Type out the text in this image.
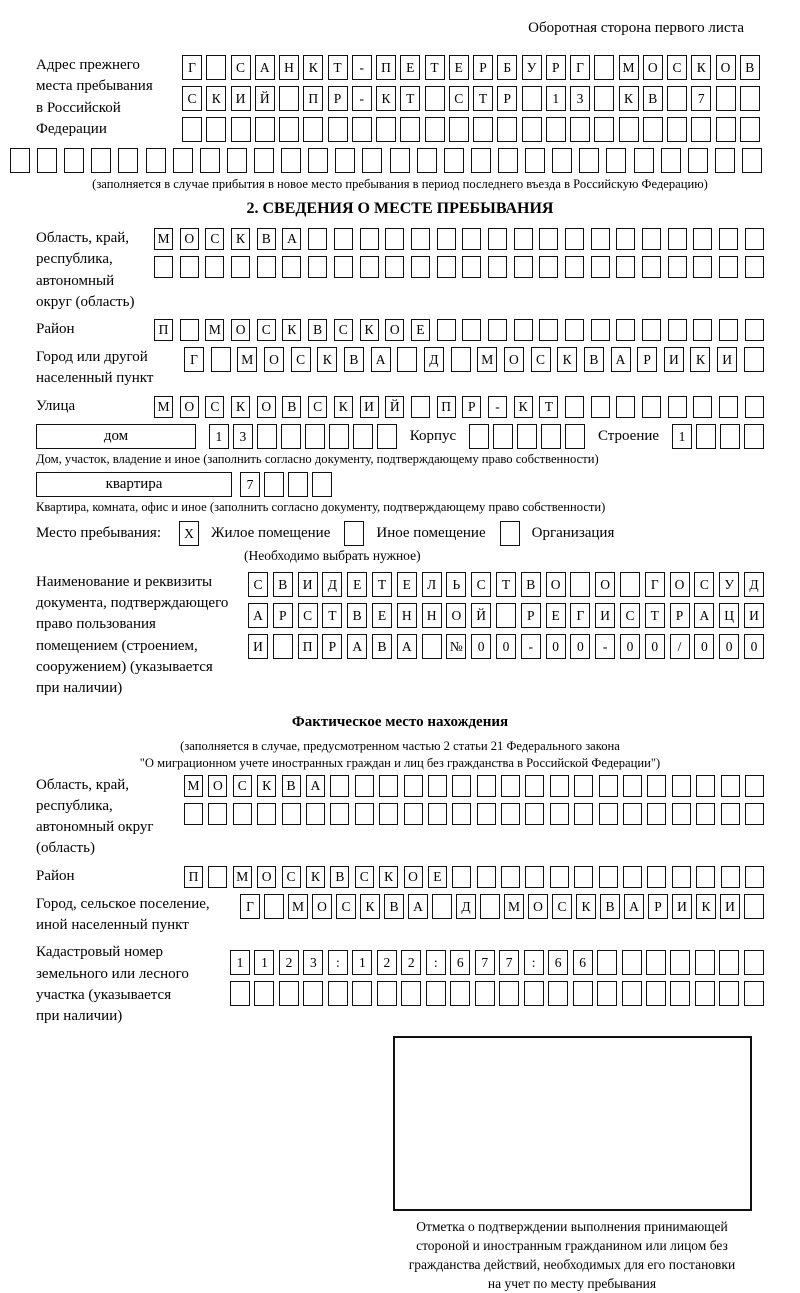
Оборотная сторона первого листа
Адрес прежнего
места пребывания
в Российской
Федерации
Г	С	А	Н	К	Т	-	П	Е	Т	Е	Р	Б	У	Р	Г	М О	С	К	О	В
С	К	И	Й	П	Р	-	К	Т	С	Т	Р	1	3	К	В	7
(заполняется в случае прибытия в новое место пребывания в период последнего въезда в Российскую Федерацию)
2. СВЕДЕНИЯ О МЕСТЕ ПРЕБЫВАНИЯ
Область, край,
республика,
автономный
округ (область)
М	О	С	К	В	А
Район	П	М	О	С	К	В	С	К	О	Е
Город или другой
населенный пункт
Г	М	О	С	К	В	А	Д	М	О	С	К	В	А	Р	И	К	И
Улица	М	О	С	К	О	В	С	К	И	Й	П	Р	-	К	Т
дом	1	3	Корпус	Строение	1
Дом, участок, владение и иное (заполнить согласно документу, подтверждающему право собственности)
квартира	7
Квартира, комната, офис и иное (заполнить согласно документу, подтверждающему право собственности)
Место пребывания:	X	Жилое помещение	Иное помещение	Организация
(Необходимо выбрать нужное)
Наименование и реквизиты
документа, подтверждающего
право пользования
помещением (строением,
сооружением) (указывается
при наличии)
С	В	И	Д	Е	Т	Е	Л	Ь	С	Т	В	О	О	Г	О	С	У	Д
А	Р	С	Т	В	Е	Н	Н	О	Й	Р	Е	Г	И	С	Т	Р	А	Ц	И
И	П	Р	А	В	А	№	0	0	-	0	0	-	0	0	/	0	0	0
Фактическое место нахождения
(заполняется в случае, предусмотренном частью 2 статьи 21 Федерального закона
"О миграционном учете иностранных граждан и лиц без гражданства в Российской Федерации")
Область, край,
республика,
автономный округ
(область)
М	О	С	К	В	А
Район	П	М	О	С	К	В	С	К	О	Е
Город, сельское поселение,
иной населенный пункт
Г	М О	С	К	В	А	Д	М О	С	К	В	А	Р	И	К	И
Кадастровый номер
земельного или лесного
участка (указывается
при наличии)
1	1	2	3	:	1	2	2	:	6	7	7	:	6	6
Отметка о подтверждении выполнения принимающей
стороной и иностранным гражданином или лицом без
гражданства действий, необходимых для его постановки
на учет по месту пребывания
